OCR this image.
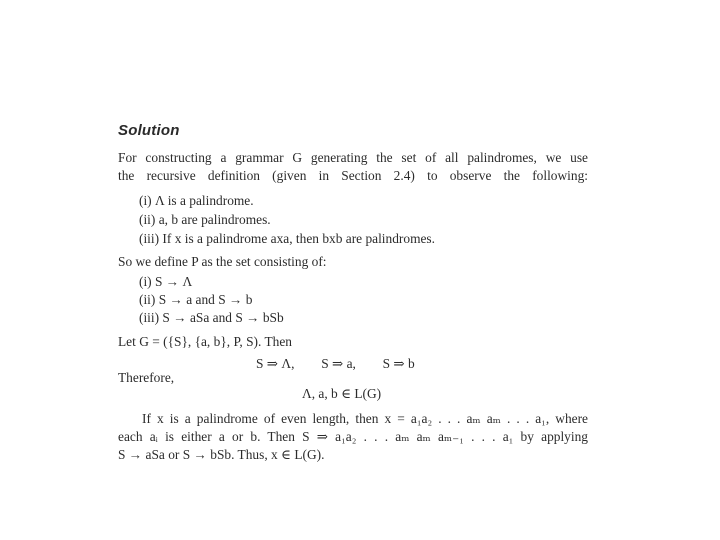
Solution
For constructing a grammar G generating the set of all palindromes, we use
the recursive definition (given in Section 2.4) to observe the following:
(i) Λ is a palindrome.
(ii) a, b are palindromes.
(iii) If x is a palindrome axa, then bxb are palindromes.
So we define P as the set consisting of:
(i) S → Λ
(ii) S → a and S → b
(iii) S → aSa and S → bSb
Let G = ({S}, {a, b}, P, S). Then
S ⇒ Λ,        S ⇒ a,        S ⇒ b
Therefore,
Λ, a, b ∈ L(G)
If x is a palindrome of even length, then x = a₁a₂ . . . aₘ aₘ . . . a₁, where
each aᵢ is either a or b. Then S ⇒ a₁a₂ . . . aₘ aₘ aₘ₋₁ . . . a₁ by applying
S → aSa or S → bSb. Thus, x ∈ L(G).
